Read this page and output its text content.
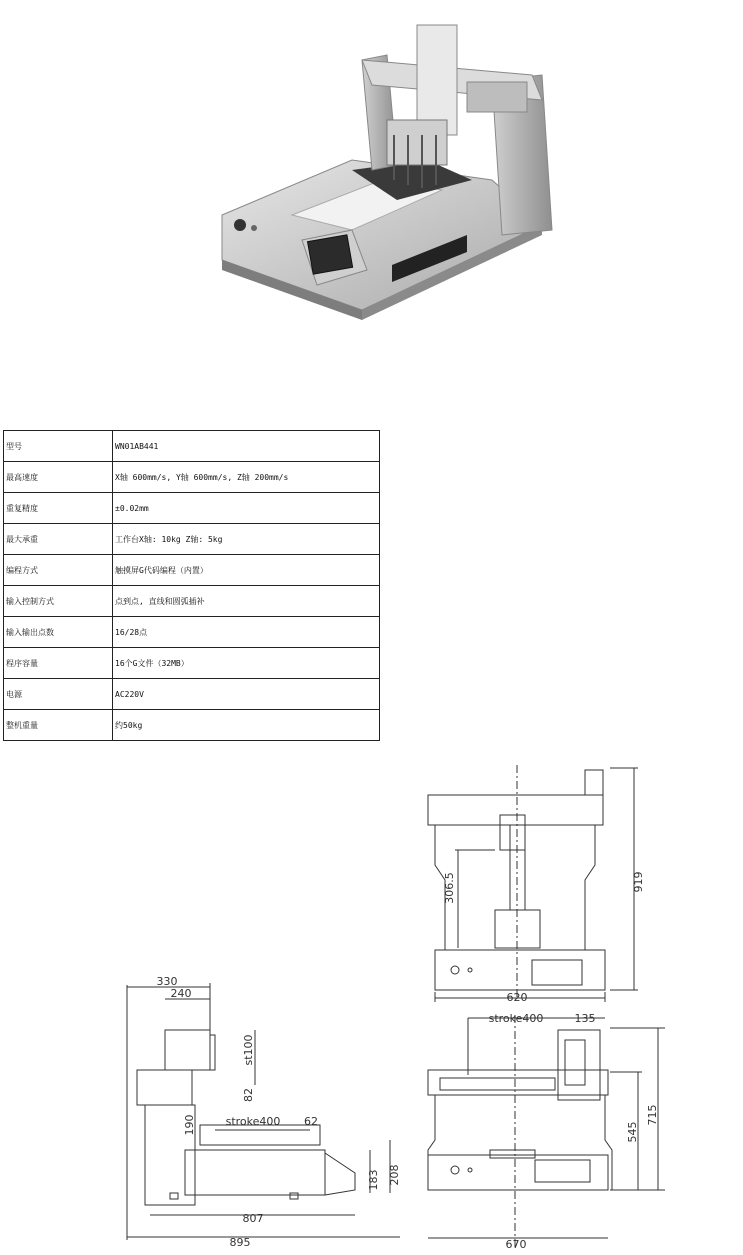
型号	WN01AB441
最高速度	X轴 600mm/s, Y轴 600mm/s, Z轴 200mm/s
重复精度	±0.02mm
最大承重	工作台X轴: 10kg Z轴: 5kg
编程方式	触摸屏G代码编程（内置）
输入控制方式	点到点, 直线和圆弧插补
输入输出点数	16/28点
程序容量	16个G文件（32MB）
电源	AC220V
整机重量	约50kg
919
306.5
620
330
240
st100
82
190	stroke400 62
183 208
807
895
stroke400	135
545
715
670
